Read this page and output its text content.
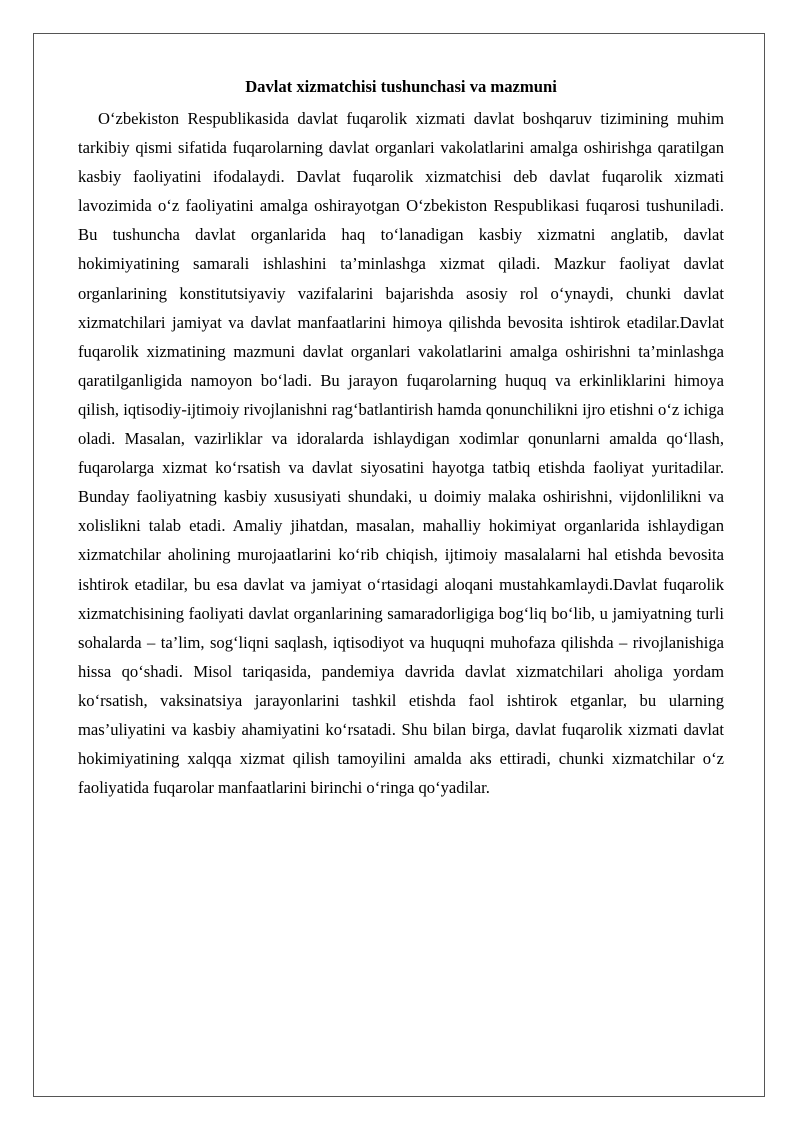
Davlat xizmatchisi tushunchasi va mazmuni

O‘zbekiston Respublikasida davlat fuqarolik xizmati davlat boshqaruv tizimining muhim tarkibiy qismi sifatida fuqarolarning davlat organlari vakolatlarini amalga oshirishga qaratilgan kasbiy faoliyatini ifodalaydi. Davlat fuqarolik xizmatchisi deb davlat fuqarolik xizmati lavozimida o‘z faoliyatini amalga oshirayotgan O‘zbekiston Respublikasi fuqarosi tushuniladi. Bu tushuncha davlat organlarida haq to‘lanadigan kasbiy xizmatni anglatib, davlat hokimiyatining samarali ishlashini ta’minlashga xizmat qiladi. Mazkur faoliyat davlat organlarining konstitutsiyaviy vazifalarini bajarishda asosiy rol o‘ynaydi, chunki davlat xizmatchilari jamiyat va davlat manfaatlarini himoya qilishda bevosita ishtirok etadilar.Davlat fuqarolik xizmatining mazmuni davlat organlari vakolatlarini amalga oshirishni ta’minlashga qaratilganligida namoyon bo‘ladi. Bu jarayon fuqarolarning huquq va erkinliklarini himoya qilish, iqtisodiy-ijtimoiy rivojlanishni rag‘batlantirish hamda qonunchilikni ijro etishni o‘z ichiga oladi. Masalan, vazirliklar va idoralarda ishlaydigan xodimlar qonunlarni amalda qo‘llash, fuqarolarga xizmat ko‘rsatish va davlat siyosatini hayotga tatbiq etishda faoliyat yuritadilar. Bunday faoliyatning kasbiy xususiyati shundaki, u doimiy malaka oshirishni, vijdonlilikni va xolislikni talab etadi. Amaliy jihatdan, masalan, mahalliy hokimiyat organlarida ishlaydigan xizmatchilar aholining murojaatlarini ko‘rib chiqish, ijtimoiy masalalarni hal etishda bevosita ishtirok etadilar, bu esa davlat va jamiyat o‘rtasidagi aloqani mustahkamlaydi.Davlat fuqarolik xizmatchisining faoliyati davlat organlarining samaradorligiga bog‘liq bo‘lib, u jamiyatning turli sohalarda – ta’lim, sog‘liqni saqlash, iqtisodiyot va huquqni muhofaza qilishda – rivojlanishiga hissa qo‘shadi. Misol tariqasida, pandemiya davrida davlat xizmatchilari aholiga yordam ko‘rsatish, vaksinatsiya jarayonlarini tashkil etishda faol ishtirok etganlar, bu ularning mas’uliyatini va kasbiy ahamiyatini ko‘rsatadi. Shu bilan birga, davlat fuqarolik xizmati davlat hokimiyatining xalqqa xizmat qilish tamoyilini amalda aks ettiradi, chunki xizmatchilar o‘z faoliyatida fuqarolar manfaatlarini birinchi o‘ringa qo‘yadilar.
